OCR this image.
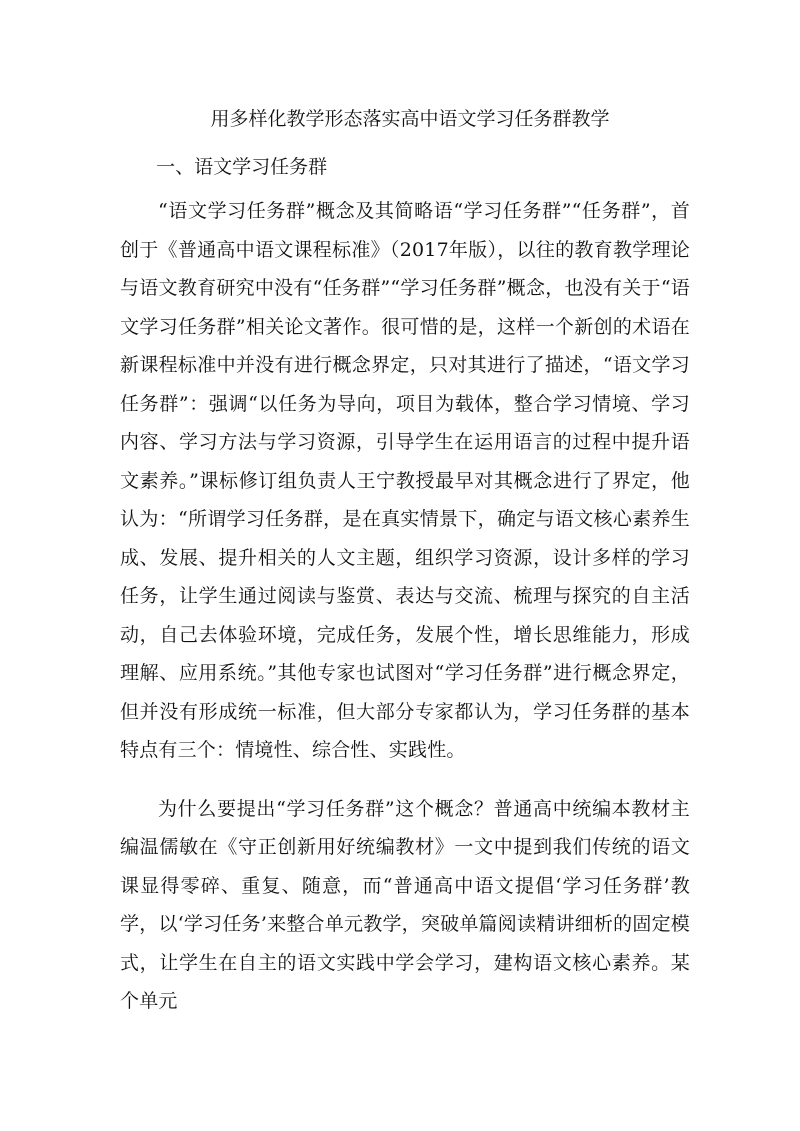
用多样化教学形态落实高中语文学习任务群教学

一、语文学习任务群

“语文学习任务群”概念及其简略语“学习任务群”“任务群”，首创于《普通高中语文课程标准》（2017年版），以往的教育教学理论与语文教育研究中没有“任务群”“学习任务群”概念，也没有关于“语文学习任务群”相关论文著作。很可惜的是，这样一个新创的术语在新课程标准中并没有进行概念界定，只对其进行了描述，“语文学习任务群”：强调“以任务为导向，项目为载体，整合学习情境、学习内容、学习方法与学习资源，引导学生在运用语言的过程中提升语文素养。”课标修订组负责人王宁教授最早对其概念进行了界定，他认为：“所谓学习任务群，是在真实情景下，确定与语文核心素养生成、发展、提升相关的人文主题，组织学习资源，设计多样的学习任务，让学生通过阅读与鉴赏、表达与交流、梳理与探究的自主活动，自己去体验环境，完成任务，发展个性，增长思维能力，形成理解、应用系统。”其他专家也试图对“学习任务群”进行概念界定，但并没有形成统一标准，但大部分专家都认为，学习任务群的基本特点有三个：情境性、综合性、实践性。

为什么要提出“学习任务群”这个概念？普通高中统编本教材主编温儒敏在《守正创新用好统编教材》一文中提到我们传统的语文课显得零碎、重复、随意，而“普通高中语文提倡‘学习任务群’教学，以‘学习任务’来整合单元教学，突破单篇阅读精讲细析的固定模式，让学生在自主的语文实践中学会学习，建构语文核心素养。某个单元
